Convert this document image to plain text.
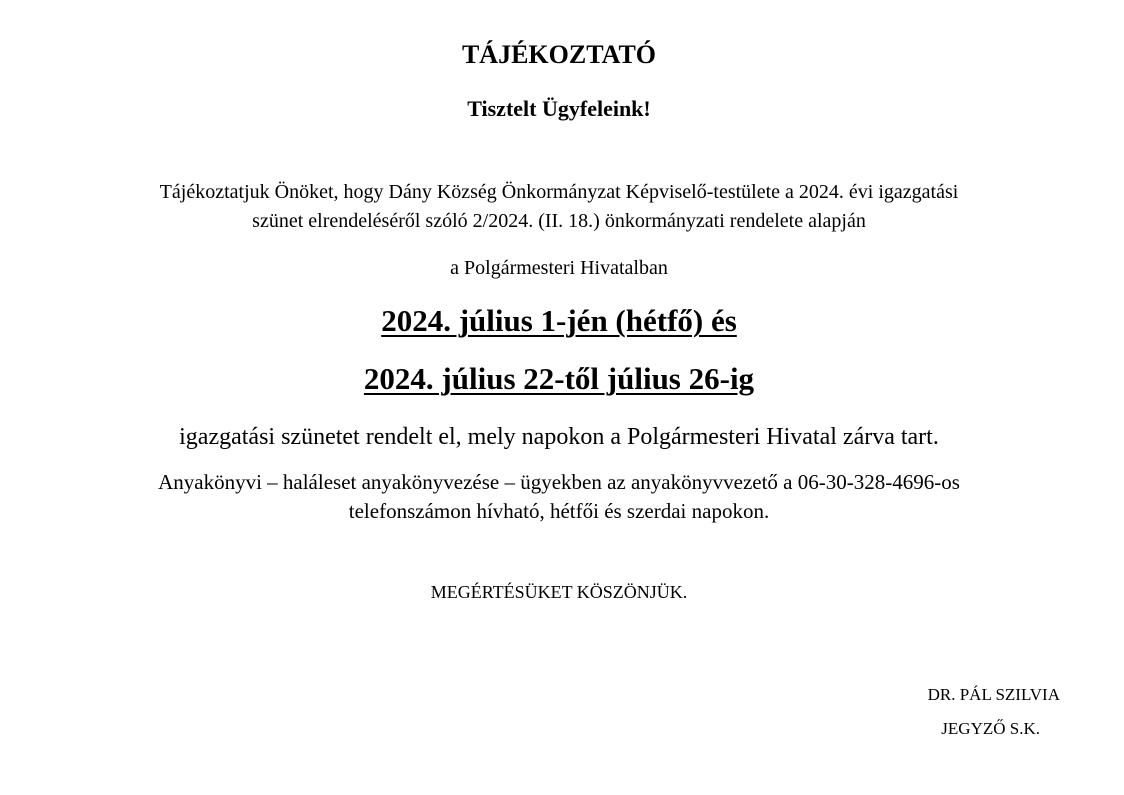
TÁJÉKOZTATÓ
Tisztelt Ügyfeleink!
Tájékoztatjuk Önöket, hogy Dány Község Önkormányzat Képviselő-testülete a 2024. évi igazgatási
szünet elrendeléséről szóló 2/2024. (II. 18.) önkormányzati rendelete alapján
a Polgármesteri Hivatalban
2024. július 1-jén (hétfő) és
2024. július 22-től július 26-ig
igazgatási szünetet rendelt el, mely napokon a Polgármesteri Hivatal zárva tart.
Anyakönyvi – haláleset anyakönyvezése – ügyekben az anyakönyvvezető a 06-30-328-4696-os
telefonszámon hívható, hétfői és szerdai napokon.
MEGÉRTÉSÜKET KÖSZÖNJÜK.
DR. PÁL SZILVIA
JEGYZŐ S.K.
